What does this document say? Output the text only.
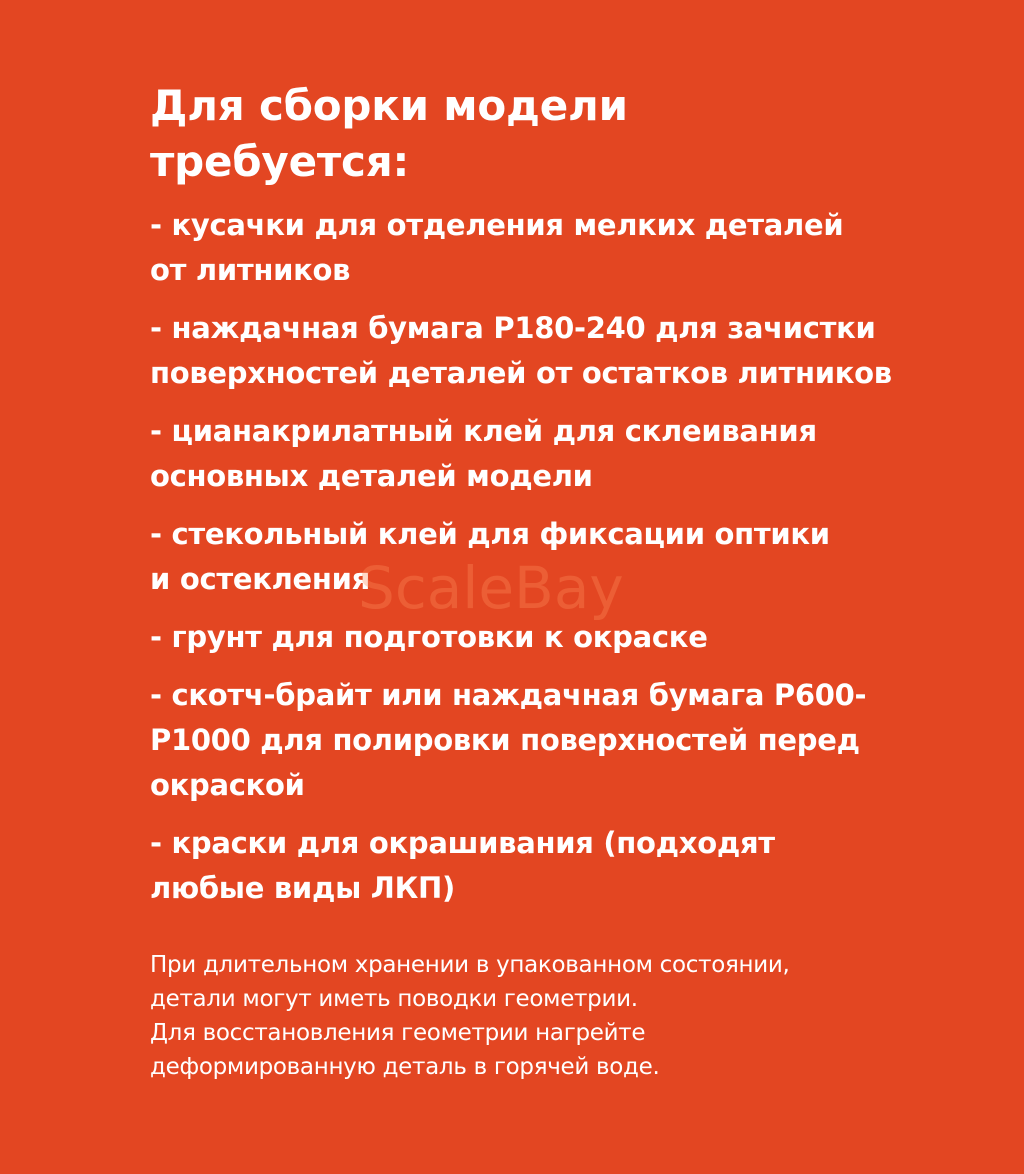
Для сборки модели
требуется:
- кусачки для отделения мелких деталей
от литников
- наждачная бумага Р180-240 для зачистки
поверхностей деталей от остатков литников
- цианакрилатный клей для склеивания
основных деталей модели
- стекольный клей для фиксации оптики
и остекления
- грунт для подготовки к окраске
- скотч-брайт или наждачная бумага Р600-
Р1000 для полировки поверхностей перед
окраской
- краски для окрашивания (подходят
любые виды ЛКП)

При длительном хранении в упакованном состоянии,
детали могут иметь поводки геометрии.
Для восстановления геометрии нагрейте
деформированную деталь в горячей воде.

ScaleBay
